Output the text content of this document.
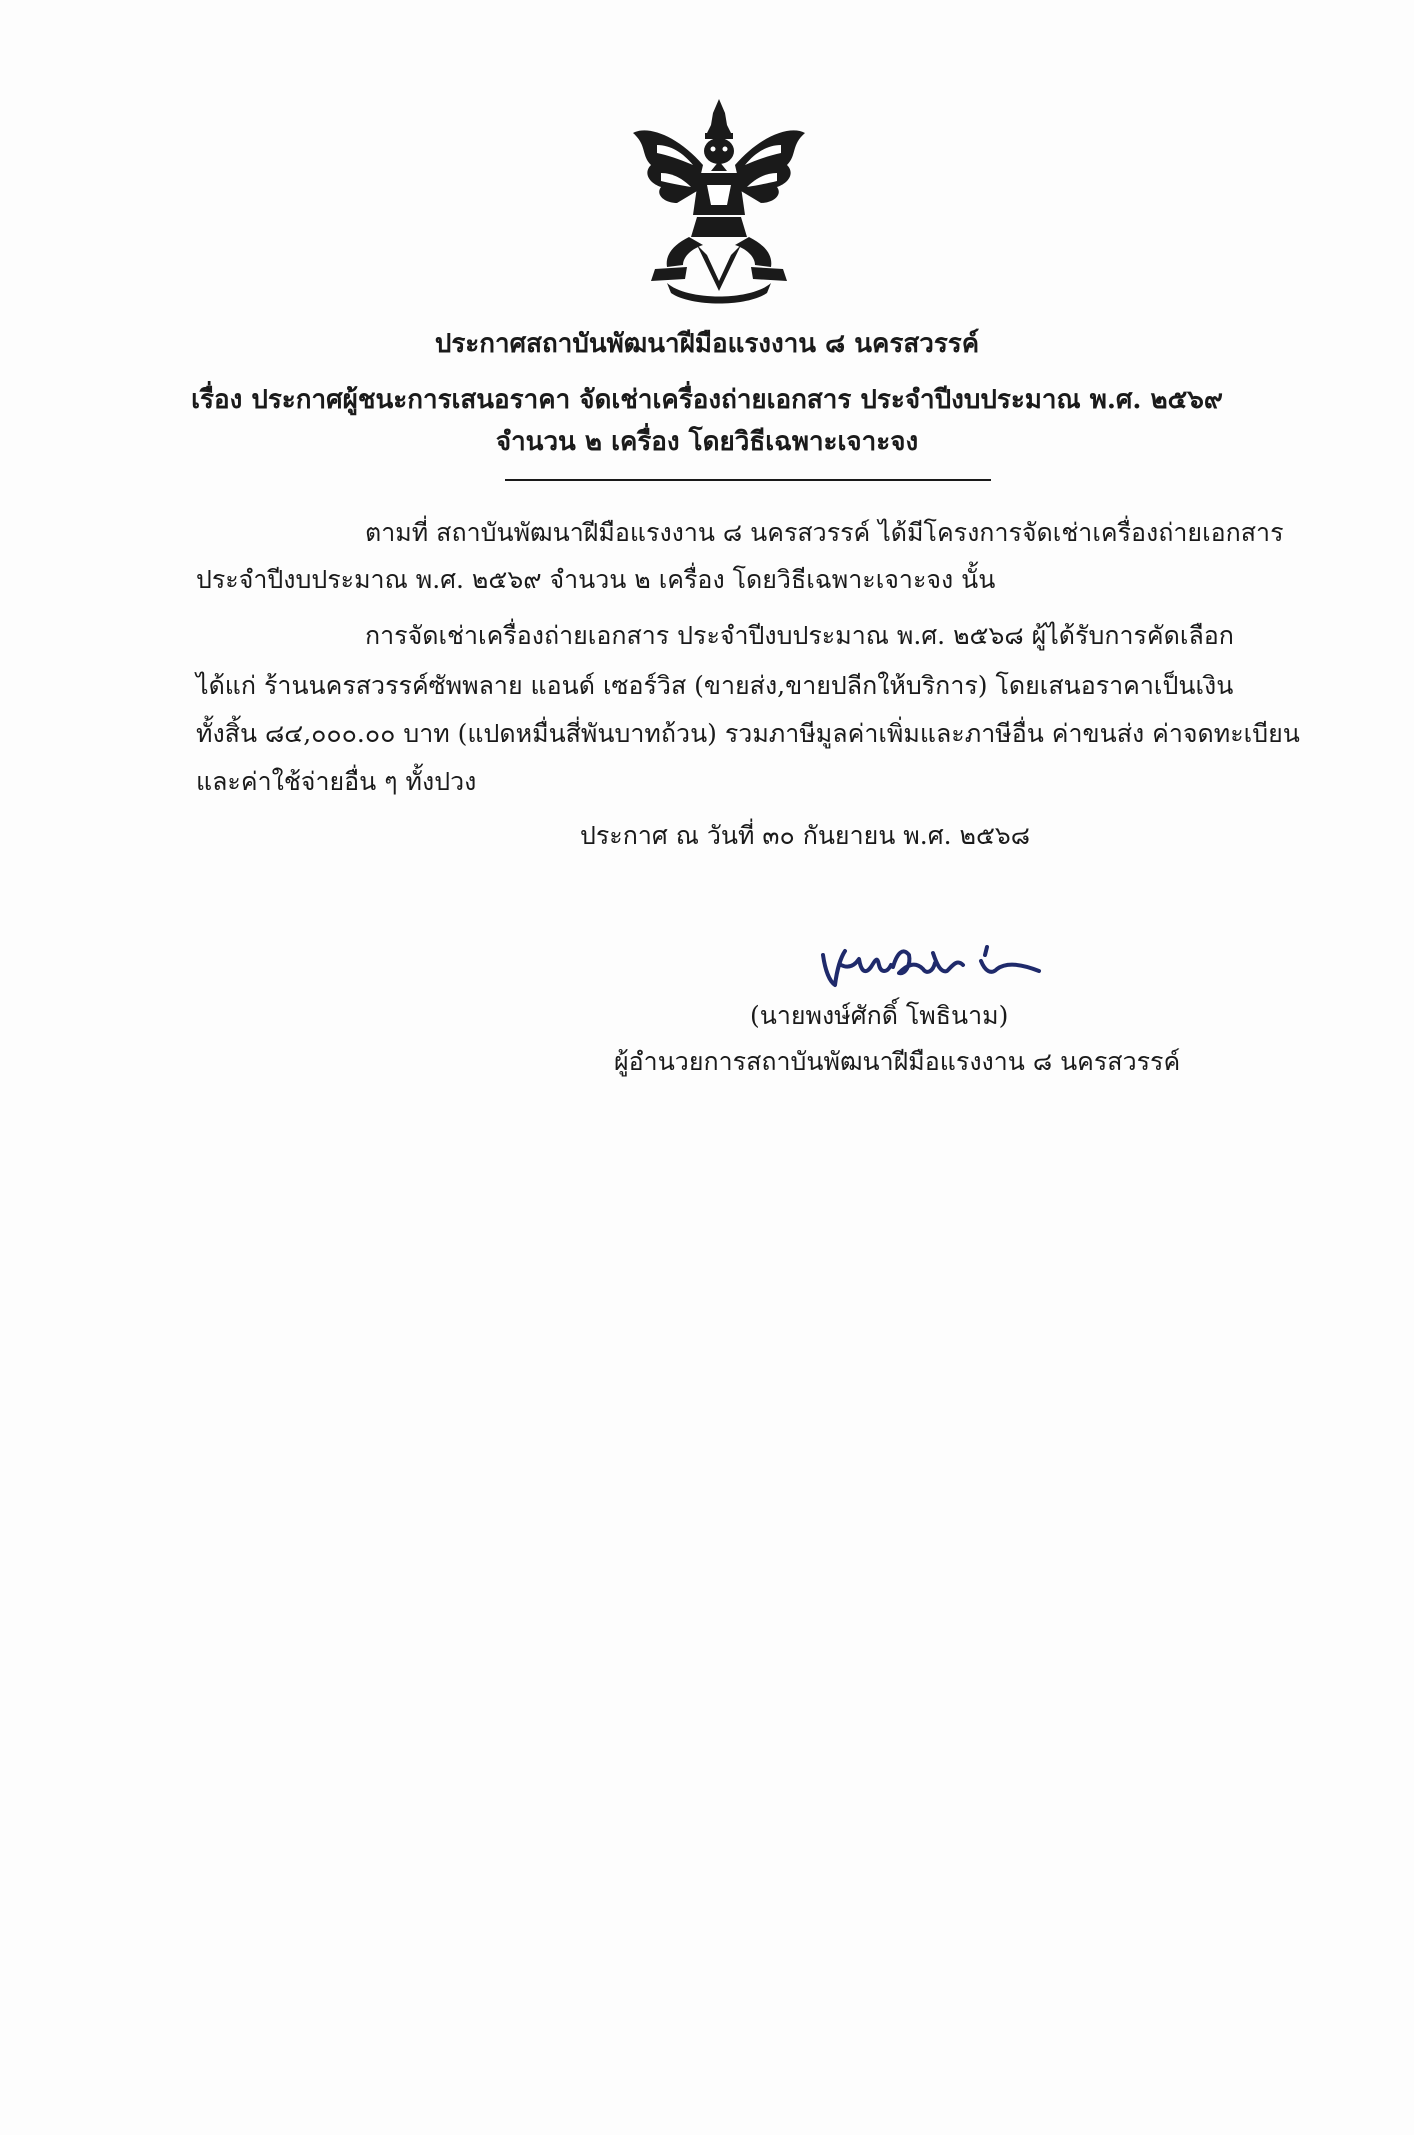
ประกาศสถาบันพัฒนาฝีมือแรงงาน ๘ นครสวรรค์
เรื่อง ประกาศผู้ชนะการเสนอราคา จัดเช่าเครื่องถ่ายเอกสาร ประจำปีงบประมาณ พ.ศ. ๒๕๖๙
จำนวน ๒ เครื่อง โดยวิธีเฉพาะเจาะจง
ตามที่ สถาบันพัฒนาฝีมือแรงงาน ๘ นครสวรรค์ ได้มีโครงการจัดเช่าเครื่องถ่ายเอกสาร
ประจำปีงบประมาณ พ.ศ. ๒๕๖๙ จำนวน ๒ เครื่อง โดยวิธีเฉพาะเจาะจง นั้น
การจัดเช่าเครื่องถ่ายเอกสาร ประจำปีงบประมาณ พ.ศ. ๒๕๖๘ ผู้ได้รับการคัดเลือก
ได้แก่ ร้านนครสวรรค์ซัพพลาย แอนด์ เซอร์วิส (ขายส่ง,ขายปลีกให้บริการ) โดยเสนอราคาเป็นเงิน
ทั้งสิ้น ๘๔,๐๐๐.๐๐ บาท (แปดหมื่นสี่พันบาทถ้วน) รวมภาษีมูลค่าเพิ่มและภาษีอื่น ค่าขนส่ง ค่าจดทะเบียน
และค่าใช้จ่ายอื่น ๆ ทั้งปวง
ประกาศ ณ วันที่ ๓๐ กันยายน พ.ศ. ๒๕๖๘
(นายพงษ์ศักดิ์ โพธินาม)
ผู้อำนวยการสถาบันพัฒนาฝีมือแรงงาน ๘ นครสวรรค์
